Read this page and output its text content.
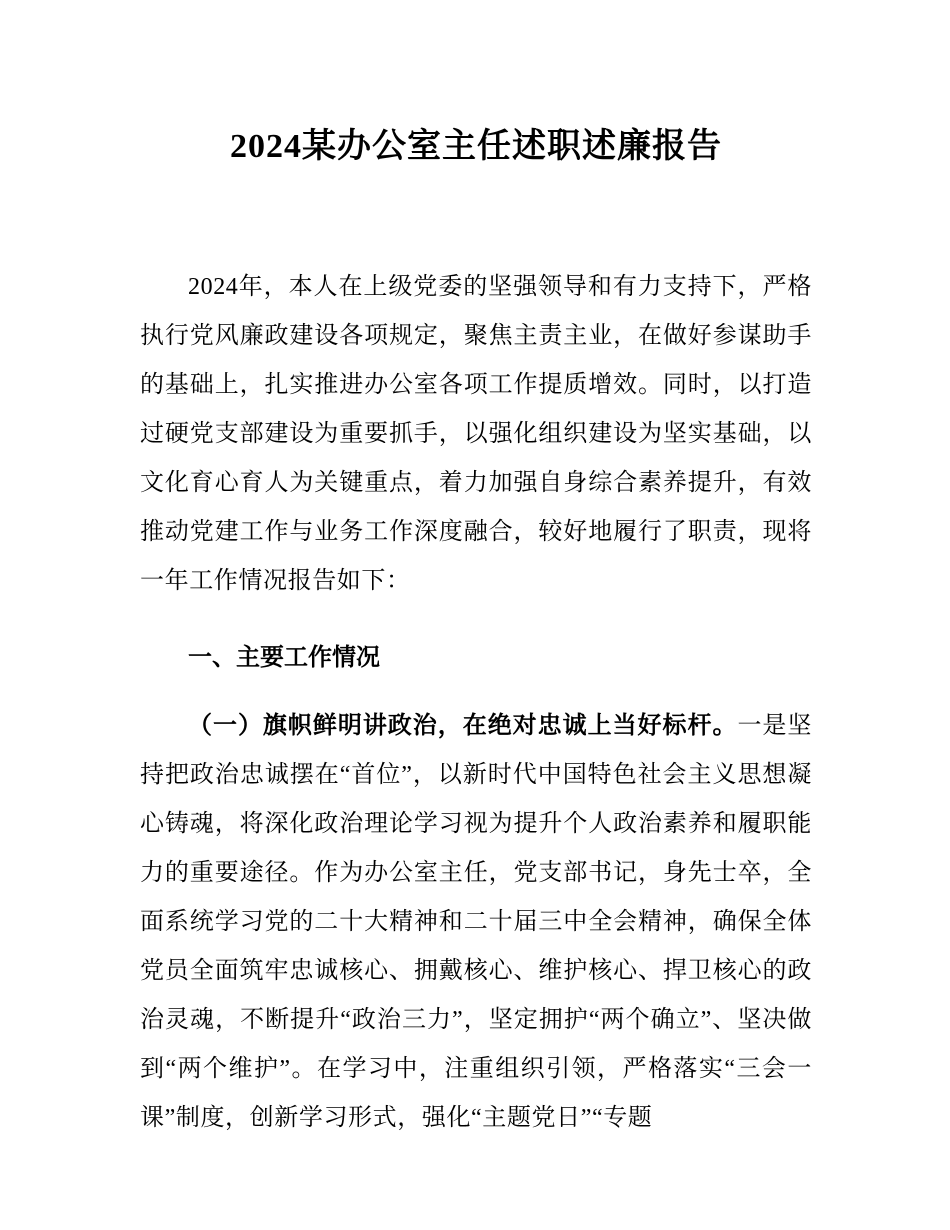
2024某办公室主任述职述廉报告

2024年，本人在上级党委的坚强领导和有力支持下，严格执行党风廉政建设各项规定，聚焦主责主业，在做好参谋助手的基础上，扎实推进办公室各项工作提质增效。同时，以打造过硬党支部建设为重要抓手，以强化组织建设为坚实基础，以文化育心育人为关键重点，着力加强自身综合素养提升，有效推动党建工作与业务工作深度融合，较好地履行了职责，现将一年工作情况报告如下：

一、主要工作情况

（一）旗帜鲜明讲政治，在绝对忠诚上当好标杆。一是坚持把政治忠诚摆在“首位”，以新时代中国特色社会主义思想凝心铸魂，将深化政治理论学习视为提升个人政治素养和履职能力的重要途径。作为办公室主任，党支部书记，身先士卒，全面系统学习党的二十大精神和二十届三中全会精神，确保全体党员全面筑牢忠诚核心、拥戴核心、维护核心、捍卫核心的政治灵魂，不断提升“政治三力”，坚定拥护“两个确立”、坚决做到“两个维护”。在学习中，注重组织引领，严格落实“三会一课”制度，创新学习形式，强化“主题党日”“专题
